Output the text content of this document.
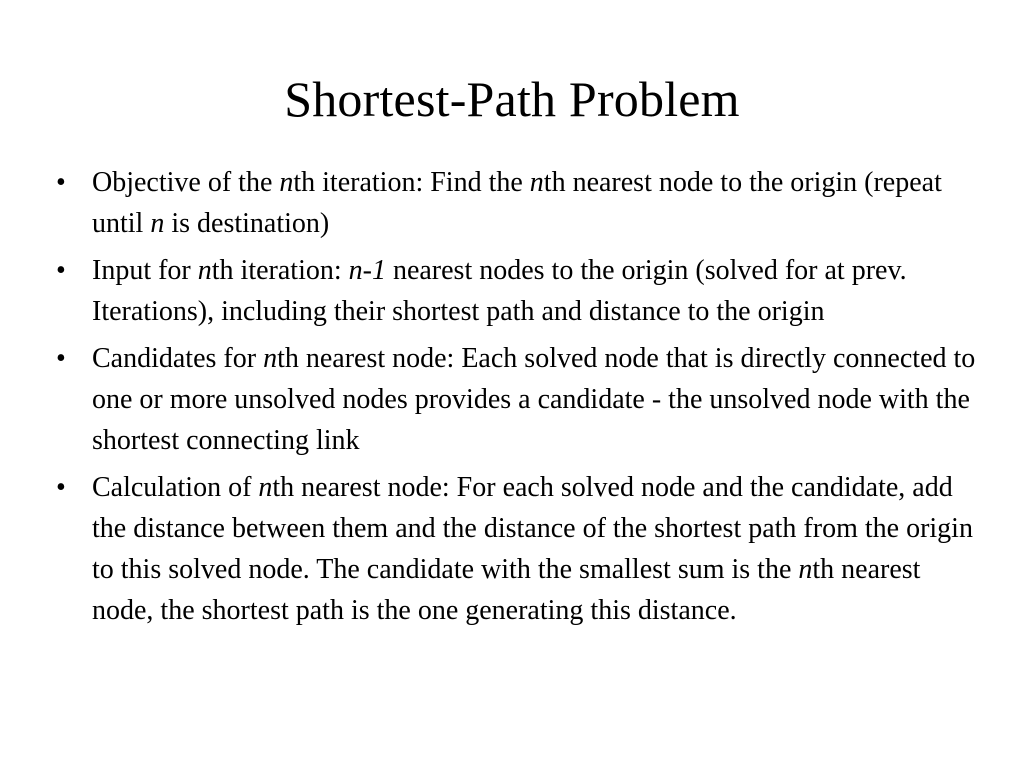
Shortest-Path Problem
• Objective of the nth iteration: Find the nth nearest node to the origin (repeat until n is destination)
• Input for nth iteration: n-1 nearest nodes to the origin (solved for at prev. Iterations), including their shortest path and distance to the origin
• Candidates for nth nearest node: Each solved node that is directly connected to one or more unsolved nodes provides a candidate - the unsolved node with the shortest connecting link
• Calculation of nth nearest node: For each solved node and the candidate, add the distance between them and the distance of the shortest path from the origin to this solved node. The candidate with the smallest sum is the nth nearest node, the shortest path is the one generating this distance.
